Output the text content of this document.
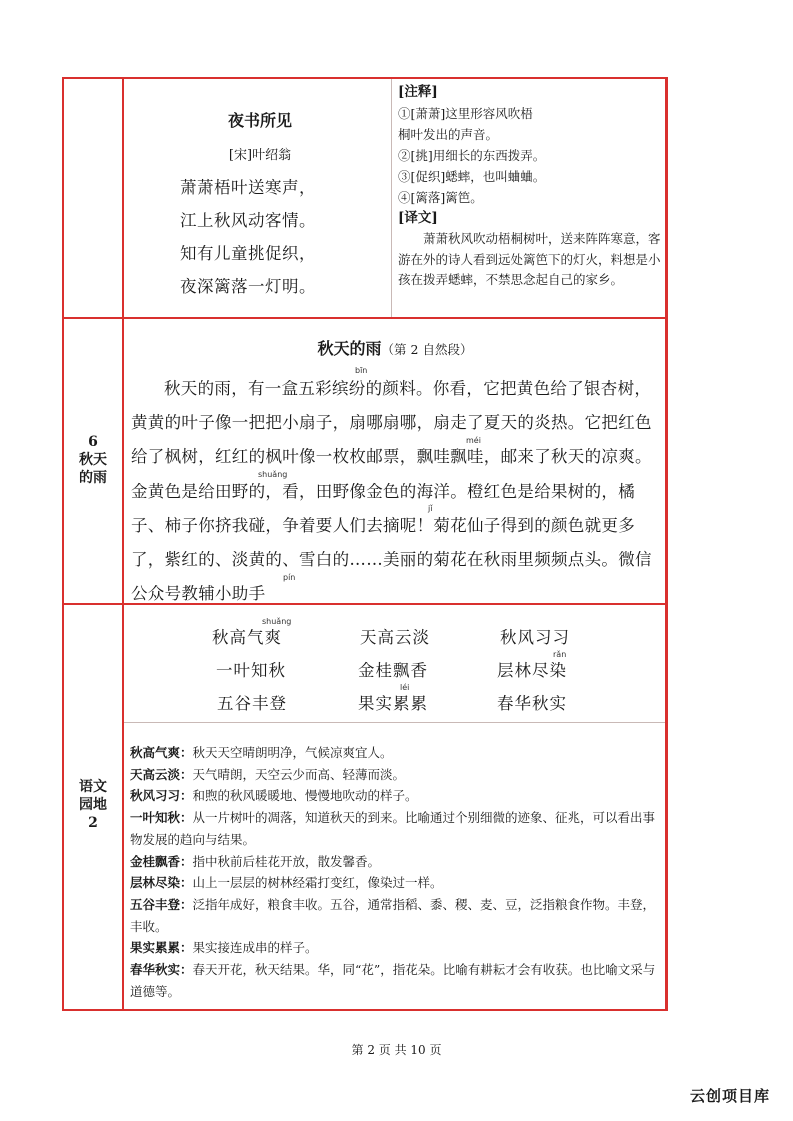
夜书所见
[宋]叶绍翁
萧萧梧叶送寒声，
江上秋风动客情。
知有儿童挑促织，
夜深篱落一灯明。
[注释]
①[萧萧]这里形容风吹梧
桐叶发出的声音。
②[挑]用细长的东西拨弄。
③[促织]蟋蟀，也叫蛐蛐。
④[篱落]篱笆。
[译文]
萧萧秋风吹动梧桐树叶，送来阵阵寒意，客游在外的诗人看到远处篱笆下的灯火，料想是小孩在拨弄蟋蟀，不禁思念起自己的家乡。
6
秋天
的雨
秋天的雨（第 2 自然段）
秋天的雨，有一盒五彩缤纷的颜料。你看，它把黄色给了银杏树，黄黄的叶子像一把把小扇子，扇哪扇哪，扇走了夏天的炎热。它把红色给了枫树，红红的枫叶像一枚枚邮票，飘哇飘哇，邮来了秋天的凉爽。金黄色是给田野的，看，田野像金色的海洋。橙红色是给果树的，橘子、柿子你挤我碰，争着要人们去摘呢！菊花仙子得到的颜色就更多了，紫红的、淡黄的、雪白的……美丽的菊花在秋雨里频频点头。微信公众号教辅小助手
bīn
méi
shuǎng
jǐ
pín
语文
园地
2
秋高气爽	天高云淡	秋风习习
一叶知秋	金桂飘香	层林尽染
五谷丰登	果实累累	春华秋实
shuǎng
rǎn
léi
秋高气爽：秋天天空晴朗明净，气候凉爽宜人。
天高云淡：天气晴朗，天空云少而高、轻薄而淡。
秋风习习：和煦的秋风暖暖地、慢慢地吹动的样子。
一叶知秋：从一片树叶的凋落，知道秋天的到来。比喻通过个别细微的迹象、征兆，可以看出事物发展的趋向与结果。
金桂飘香：指中秋前后桂花开放，散发馨香。
层林尽染：山上一层层的树林经霜打变红，像染过一样。
五谷丰登：泛指年成好，粮食丰收。五谷，通常指稻、黍、稷、麦、豆，泛指粮食作物。丰登，丰收。
果实累累：果实接连成串的样子。
春华秋实：春天开花，秋天结果。华，同“花”，指花朵。比喻有耕耘才会有收获。也比喻文采与道德等。
第 2 页 共 10 页
云创项目库
